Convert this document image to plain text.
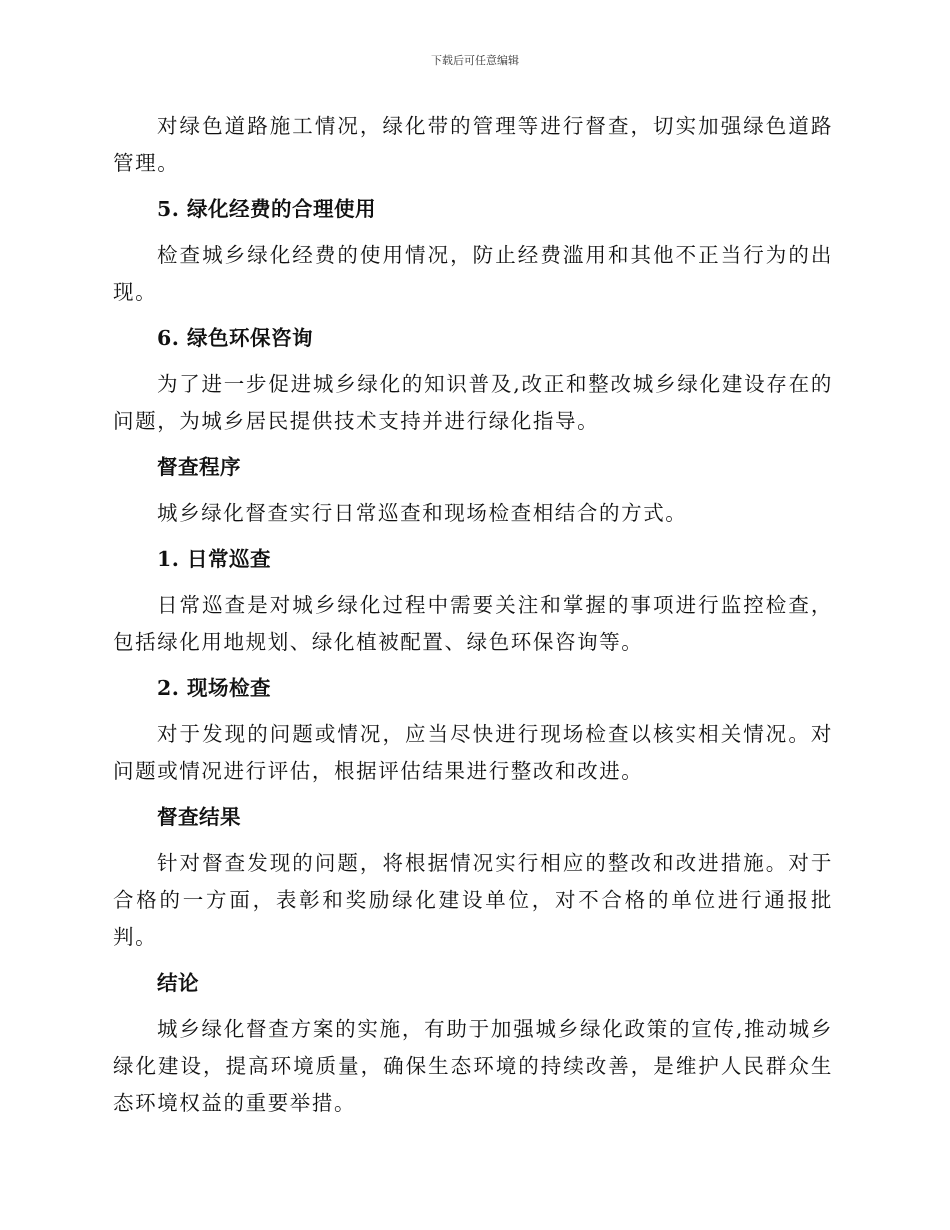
下载后可任意编辑

对绿色道路施工情况，绿化带的管理等进行督查，切实加强绿色道路管理。

5. 绿化经费的合理使用

检查城乡绿化经费的使用情况，防止经费滥用和其他不正当行为的出现。

6. 绿色环保咨询

为了进一步促进城乡绿化的知识普及,改正和整改城乡绿化建设存在的问题，为城乡居民提供技术支持并进行绿化指导。

督查程序

城乡绿化督查实行日常巡查和现场检查相结合的方式。

1. 日常巡查

日常巡查是对城乡绿化过程中需要关注和掌握的事项进行监控检查，包括绿化用地规划、绿化植被配置、绿色环保咨询等。

2. 现场检查

对于发现的问题或情况，应当尽快进行现场检查以核实相关情况。对问题或情况进行评估，根据评估结果进行整改和改进。

督查结果

针对督查发现的问题，将根据情况实行相应的整改和改进措施。对于合格的一方面，表彰和奖励绿化建设单位，对不合格的单位进行通报批判。

结论

城乡绿化督查方案的实施，有助于加强城乡绿化政策的宣传,推动城乡绿化建设，提高环境质量，确保生态环境的持续改善，是维护人民群众生态环境权益的重要举措。
